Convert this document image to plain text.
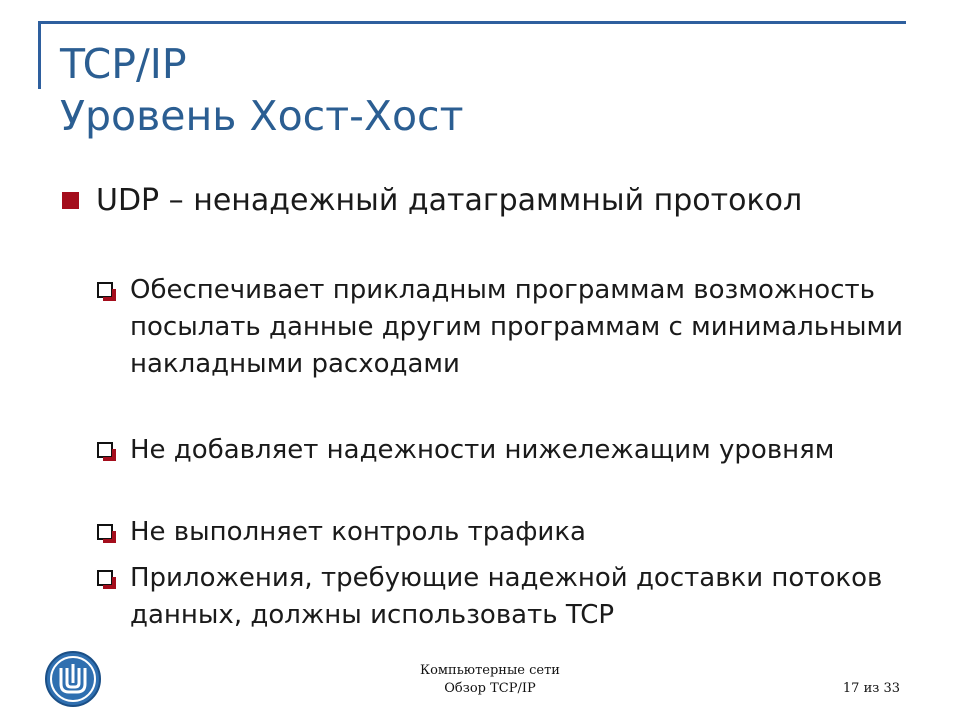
TCP/IP
Уровень Хост-Хост
UDP – ненадежный датаграммный протокол
Обеспечивает прикладным программам возможность посылать данные другим программам с минимальными накладными расходами
Не добавляет надежности нижележащим уровням
Не выполняет контроль трафика
Приложения, требующие надежной доставки потоков данных, должны использовать TCP
Компьютерные сети
Обзор TCP/IP	17 из 33
